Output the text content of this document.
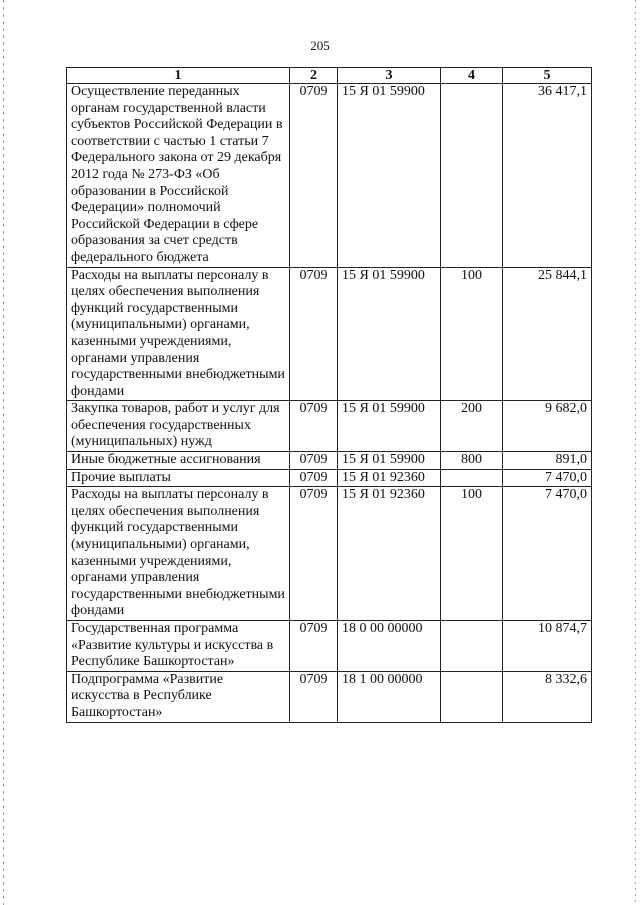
205
1	2	3	4	5
Осуществление переданных органам государственной власти субъектов Российской Федерации в соответствии с частью 1 статьи 7 Федерального закона от 29 декабря 2012 года № 273-ФЗ «Об образовании в Российской Федерации» полномочий Российской Федерации в сфере образования за счет средств федерального бюджета	0709	15 Я 01 59900		36 417,1
Расходы на выплаты персоналу в целях обеспечения выполнения функций государственными (муниципальными) органами, казенными учреждениями, органами управления государственными внебюджетными фондами	0709	15 Я 01 59900	100	25 844,1
Закупка товаров, работ и услуг для обеспечения государственных (муниципальных) нужд	0709	15 Я 01 59900	200	9 682,0
Иные бюджетные ассигнования	0709	15 Я 01 59900	800	891,0
Прочие выплаты	0709	15 Я 01 92360		7 470,0
Расходы на выплаты персоналу в целях обеспечения выполнения функций государственными (муниципальными) органами, казенными учреждениями, органами управления государственными внебюджетными фондами	0709	15 Я 01 92360	100	7 470,0
Государственная программа «Развитие культуры и искусства в Республике Башкортостан»	0709	18 0 00 00000		10 874,7
Подпрограмма «Развитие искусства в Республике Башкортостан»	0709	18 1 00 00000		8 332,6
